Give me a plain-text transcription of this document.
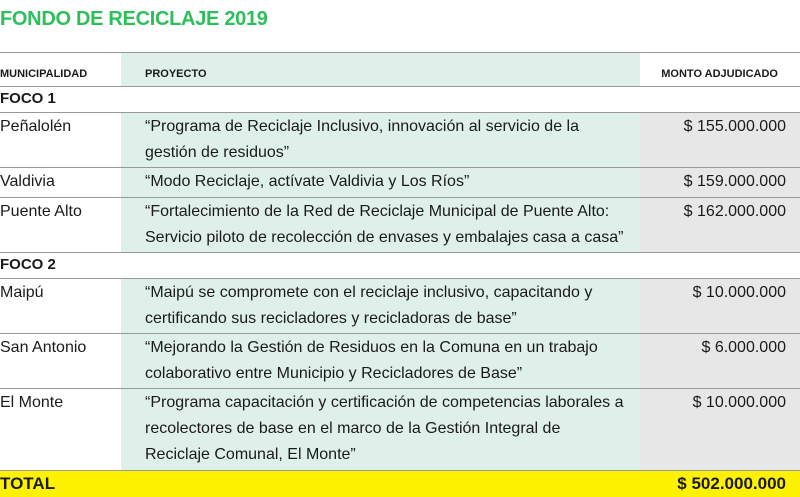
FONDO DE RECICLAJE 2019
MUNICIPALIDAD	PROYECTO	MONTO ADJUDICADO
FOCO 1		
Peñalolén	“Programa de Reciclaje Inclusivo, innovación al servicio de la gestión de residuos”	$ 155.000.000
Valdivia	“Modo Reciclaje, actívate Valdivia y Los Ríos”	$ 159.000.000
Puente Alto	“Fortalecimiento de la Red de Reciclaje Municipal de Puente Alto: Servicio piloto de recolección de envases y embalajes casa a casa”	$ 162.000.000
FOCO 2		
Maipú	“Maipú se compromete con el reciclaje inclusivo, capacitando y certificando sus recicladores y recicladoras de base”	$ 10.000.000
San Antonio	“Mejorando la Gestión de Residuos en la Comuna en un trabajo colaborativo entre Municipio y Recicladores de Base”	$ 6.000.000
El Monte	“Programa capacitación y certificación de competencias laborales a recolectores de base en el marco de la Gestión Integral de Reciclaje Comunal, El Monte”	$ 10.000.000
TOTAL		$ 502.000.000
